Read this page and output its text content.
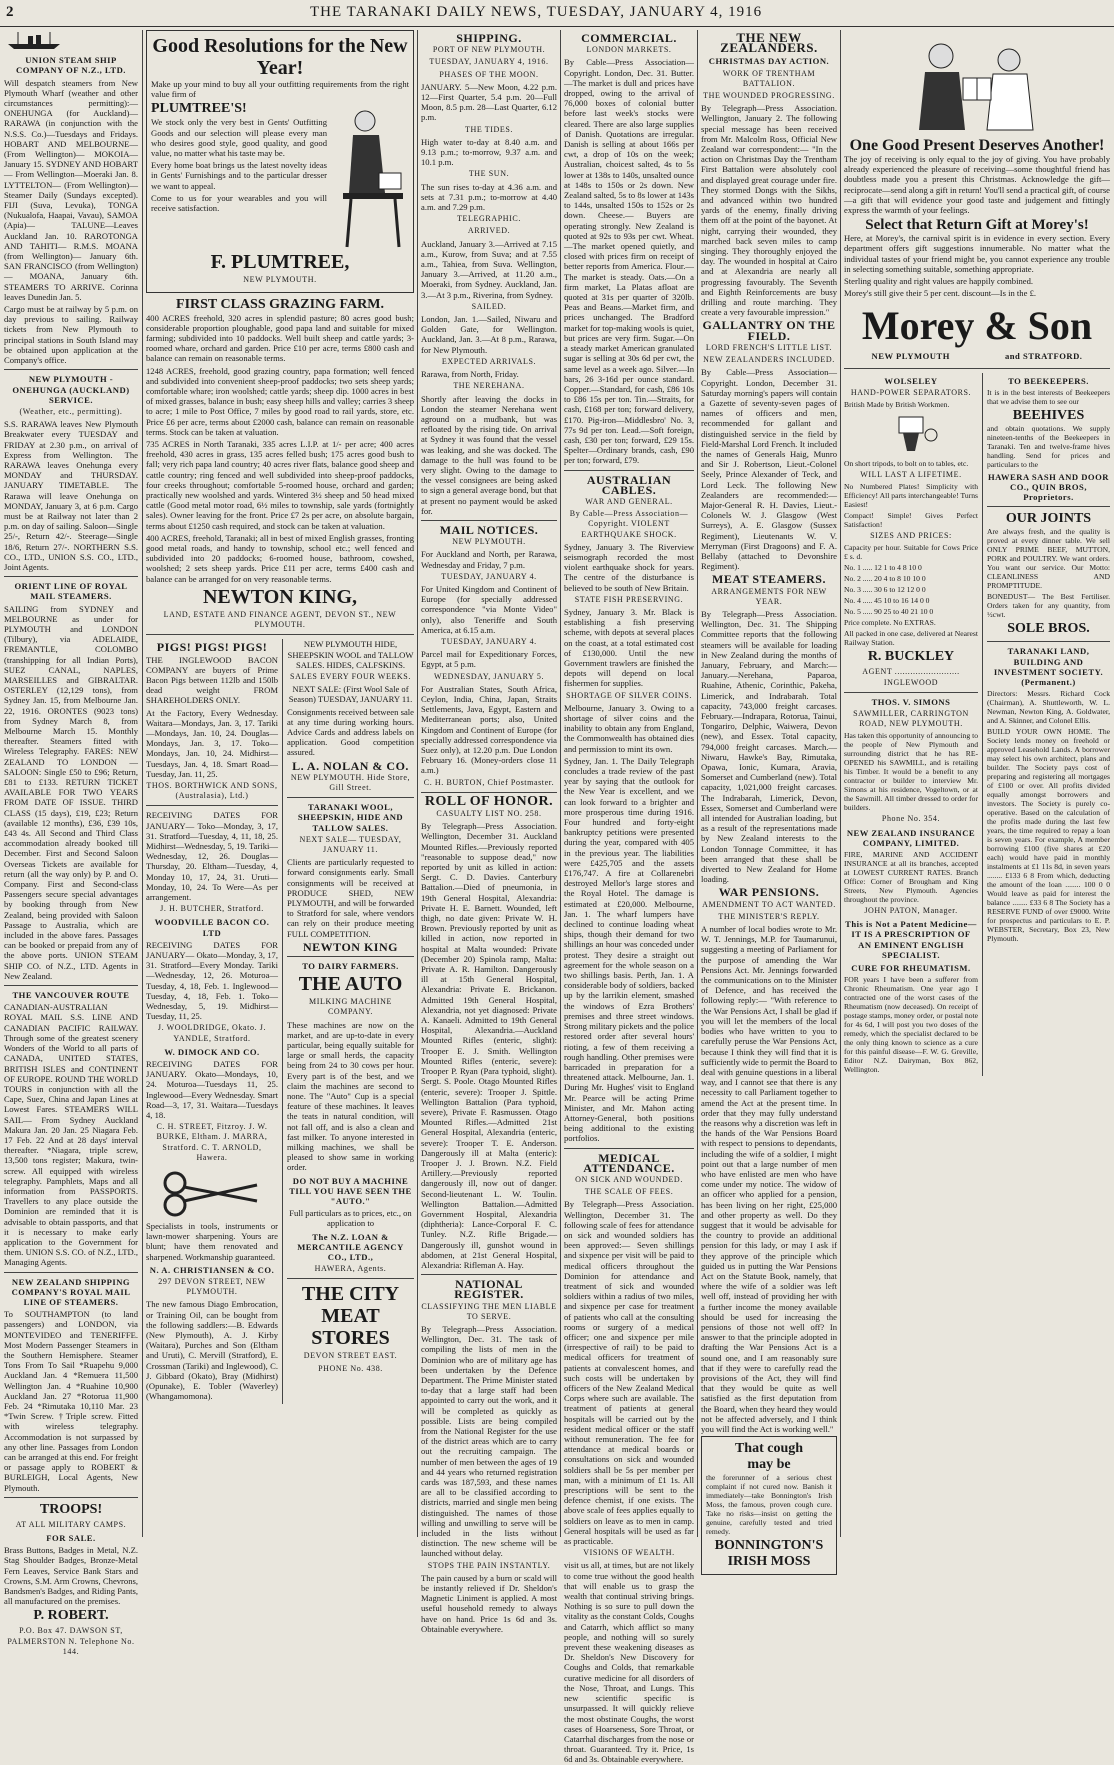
2	THE TARANAKI DAILY NEWS, TUESDAY, JANUARY 4, 1916
UNION STEAM SHIP COMPANY OF N.Z., LTD.

Will despatch steamers from New Plymouth Wharf (weather and other circumstances permitting):— ONEHUNGA (for Auckland)— RARAWA (in conjunction with the N.S.S. Co.)—Tuesdays and Fridays. HOBART AND MELBOURNE— (From Wellington)— MOKOIA—January 15. SYDNEY AND HOBART— From Wellington—Moeraki Jan. 8. LYTTELTON— (From Wellington)— Steamer Daily (Sundays excepted). FIJI (Suva, Levuka), TONGA (Nukualofa, Haapai, Vavau), SAMOA (Apia)— TALUNE—Leaves Auckland Jan. 10. RAROTONGA AND TAHITI— R.M.S. MOANA (from Wellington)— January 6th. SAN FRANCISCO (from Wellington)— MOANA, January 6th. STEAMERS TO ARRIVE. Corinna leaves Dunedin Jan. 5.

Cargo must be at railway by 5 p.m. on day previous to sailing. Railway tickets from New Plymouth to principal stations in South Island may be obtained upon application at the Company's office.

NEW PLYMOUTH - ONEHUNGA (AUCKLAND) SERVICE.
(Weather, etc., permitting).

S.S. RARAWA leaves New Plymouth Breakwater every TUESDAY and FRIDAY at 2.30 p.m., on arrival of Express from Wellington. The RARAWA leaves Onehunga every MONDAY and THURSDAY. JANUARY TIMETABLE. The Rarawa will leave Onehunga on MONDAY, January 3, at 6 p.m. Cargo must be at Railway not later than 2 p.m. on day of sailing. Saloon—Single 25/-, Return 42/-. Steerage—Single 18/6, Return 27/-. NORTHERN S.S. CO., LTD., UNION S.S. CO., LTD., Joint Agents.

ORIENT LINE OF ROYAL MAIL STEAMERS.

SAILING from SYDNEY and MELBOURNE as under for PLYMOUTH and LONDON (Tilbury), via ADELAIDE, FREMANTLE, COLOMBO (transhipping for all Indian Ports), SUEZ CANAL, NAPLES, MARSEILLES and GIBRALTAR. OSTERLEY (12,129 tons), from Sydney Jan. 15, from Melbourne Jan. 22, 1916. ORONTES (9023 tons) from Sydney March 8, from Melbourne March 15. Monthly thereafter. Steamers fitted with Wireless Telegraphy. FARES: NEW ZEALAND TO LONDON —SALOON: Single £50 to £96; Return, £81 to £133. RETURN TICKET AVAILABLE FOR TWO YEARS FROM DATE OF ISSUE. THIRD CLASS (15 days), £19, £23; Return (available 12 months), £36, £39 10s, £43 4s. All Second and Third Class accommodation already booked till December. First and Second Saloon Overseas Tickets are available for return (all the way only) by P. and O. Company. First and Second-class Passengers secure special advantages by booking through from New Zealand, being provided with Saloon Passage to Australia, which are included in the above fares. Passages can be booked or prepaid from any of the above ports. UNION STEAM SHIP CO. of N.Z., LTD. Agents in New Zealand.

THE VANCOUVER ROUTE

CANADIAN-AUSTRALIAN ROYAL MAIL S.S. LINE AND CANADIAN PACIFIC RAILWAY. Through some of the greatest scenery Wonders of the World to all parts of CANADA, UNITED STATES, BRITISH ISLES and CONTINENT OF EUROPE. ROUND THE WORLD TOURS in conjunction with all the Cape, Suez, China and Japan Lines at Lowest Fares. STEAMERS WILL SAIL— From Sydney Auckland Makura Jan. 20 Jan. 25 Niagara Feb. 17 Feb. 22 And at 28 days' interval thereafter. *Niagara, triple screw, 13,500 tons register; Makura, twin-screw. All equipped with wireless telegraphy. Pamphlets, Maps and all information from PASSPORTS. Travellers to any place outside the Dominion are reminded that it is advisable to obtain passports, and that it is necessary to make early application to the Government for them. UNION S.S. CO. of N.Z., LTD., Managing Agents.

NEW ZEALAND SHIPPING COMPANY'S ROYAL MAIL LINE OF STEAMERS.

To SOUTHAMPTON (to land passengers) and LONDON, via MONTEVIDEO and TENERIFFE. Most Modern Passenger Steamers in the Southern Hemisphere. Steamer Tons From To Sail *Ruapehu 9,000 Auckland Jan. 4 *Remuera 11,500 Wellington Jan. 4 *Ruahine 10,900 Auckland Jan. 27 *Rotorua 11,900 Feb. 24 *Rimutaka 10,110 Mar. 23 *Twin Screw. †Triple screw. Fitted with wireless telegraphy. Accommodation is not surpassed by any other line. Passages from London can be arranged at this end. For freight or passage apply to ROBERT & BURLEIGH, Local Agents, New Plymouth.

TROOPS!
AT ALL MILITARY CAMPS.
FOR SALE.

Brass Buttons, Badges in Metal, N.Z. Stag Shoulder Badges, Bronze-Metal Fern Leaves, Service Bank Stars and Crowns, S.M. Arm Crowns, Chevrons, Bandsmen's Badges, and Riding Pants, all manufactured on the premises.

P. ROBERT.
P.O. Box 47. DAWSON ST, PALMERSTON N. Telephone No. 144.
Good Resolutions for the New Year!

Make up your mind to buy all your outfitting requirements from the right value firm of

PLUMTREE'S!

We stock only the very best in Gents' Outfitting Goods and our selection will please every man who desires good style, good quality, and good value, no matter what his taste may be.

Every home boat brings us the latest novelty ideas in Gents' Furnishings and to the particular dresser we want to appeal.

Come to us for your wearables and you will receive satisfaction.

F. PLUMTREE,
NEW PLYMOUTH.
FIRST CLASS GRAZING FARM.

400 ACRES freehold, 320 acres in splendid pasture; 80 acres good bush; considerable proportion ploughable, good papa land and suitable for mixed farming; subdivided into 10 paddocks. Well built sheep and cattle yards; 3-roomed whare, orchard and garden. Price £10 per acre, terms £800 cash and balance can remain on reasonable terms.

1248 ACRES, freehold, good grazing country, papa formation; well fenced and subdivided into convenient sheep-proof paddocks; two sets sheep yards; comfortable whare; iron woolshed; cattle yards; sheep dip. 1000 acres in best of mixed grasses, balance in bush; easy sheep hills and valley; carries 3 sheep to acre; 1 mile to Post Office, 7 miles by good road to rail yards, store, etc. Price £6 per acre, terms about £2000 cash, balance can remain on reasonable terms. Stock can be taken at valuation.

735 ACRES in North Taranaki, 335 acres L.I.P. at 1/- per acre; 400 acres freehold, 430 acres in grass, 135 acres felled bush; 175 acres good bush to fall; very rich papa land country; 40 acres river flats, balance good sheep and cattle country; ring fenced and well subdivided into sheep-proof paddocks, four creeks throughout; comfortable 5-roomed house, orchard and garden; practically new woolshed and yards. Wintered 3½ sheep and 50 head mixed cattle (Good metal motor road, 6½ miles to township, sale yards (fortnightly sales). Owner leaving for the front. Price £7 2s per acre, on absolute bargain, terms about £1250 cash required, and stock can be taken at valuation.

400 ACRES, freehold, Taranaki; all in best of mixed English grasses, fronting good metal roads, and handy to township, school etc.; well fenced and subdivided into 20 paddocks; 6-roomed house, bathroom, cowshed, woolshed; 2 sets sheep yards. Price £11 per acre, terms £400 cash and balance can be arranged for on very reasonable terms.

NEWTON KING,
LAND, ESTATE AND FINANCE AGENT, DEVON ST., NEW PLYMOUTH.
PIGS! PIGS! PIGS!

THE INGLEWOOD BACON COMPANY are buyers of Prime Bacon Pigs between 112lb and 150lb dead weight FROM SHAREHOLDERS ONLY.

At the Factory, Every Wednesday. Waitara—Mondays, Jan. 3, 17. Tariki—Mondays, Jan. 10, 24. Douglas—Mondays, Jan. 3, 17. Toko—Mondays, Jan. 10, 24. Midhirst—Tuesdays, Jan. 4, 18. Smart Road—Tuesday, Jan. 11, 25.

THOS. BORTHWICK AND SONS, (Australasia), Ltd.)

RECEIVING DATES FOR JANUARY— Toko—Monday, 3, 17, 31. Stratford—Tuesday, 4, 11, 18, 25. Midhirst—Wednesday, 5, 19. Tariki—Wednesday, 12, 26. Douglas—Thursday, 20. Eltham—Tuesday, 4, Monday 10, 17, 24, 31. Uruti—Monday, 10, 24. To Were—As per arrangement.

J. H. BUTCHER, Stratford.
WOODVILLE BACON CO. LTD

RECEIVING DATES FOR JANUARY— Okato—Monday, 3, 17, 31. Stratford—Every Monday. Tariki—Wednesday, 12, 26. Moturoa—Tuesday, 4, 18, Feb. 1. Inglewood—Tuesday, 4, 18, Feb. 1. Toko—Wednesday, 5, 19. Midhirst—Tuesday, 11, 25.

J. WOOLDRIDGE, Okato. J. YANDLE, Stratford.
W. DIMOCK AND CO.

RECEIVING DATES FOR JANUARY. Okato—Mondays, 10, 24. Moturoa—Tuesdays 11, 25. Inglewood—Every Wednesday. Smart Road—3, 17, 31. Waitara—Tuesdays 4, 18.

C. H. STREET, Fitzroy. J. W. BURKE, Eltham. J. MARRA, Stratford. C. T. ARNOLD, Hawera.

Specialists in tools, instruments or lawn-mower sharpening. Yours are blunt; have them renovated and sharpened. Workmanship guaranteed.

N. A. CHRISTIANSEN & CO.
297 DEVON STREET, NEW PLYMOUTH.

The new famous Diago Embrocation, or Training Oil, can be bought from the following saddlers:—B. Edwards (New Plymouth), A. J. Kirby (Waitara), Purches and Son (Eltham and Uruti), C. Mervill (Stratford), E. Crossman (Tariki) and Inglewood), C. J. Gibbard (Okato), Bray (Midhirst) (Opunake), E. Tobler (Waverley) (Whangamomona).

NEW PLYMOUTH HIDE, SHEEPSKIN WOOL and TALLOW SALES. HIDES, CALFSKINS.

SALES EVERY FOUR WEEKS.

NEXT SALE: (First Wool Sale of Season) TUESDAY, JANUARY 11.

Consignments received between sale at any time during working hours. Advice Cards and address labels on application. Good competition assured.

L. A. NOLAN & CO.
NEW PLYMOUTH. Hide Store, Gill Street.
TARANAKI WOOL, SHEEPSKIN, HIDE AND TALLOW SALES.
NEXT SALE— TUESDAY, JANUARY 11.

Clients are particularly requested to forward consignments early. Small consignments will be received at PRODUCE SHED, NEW PLYMOUTH, and will be forwarded to Stratford for sale, where vendors can rely on their produce meeting FULL COMPETITION.

NEWTON KING
TO DAIRY FARMERS.
THE AUTO
MILKING MACHINE COMPANY.

These machines are now on the market, and are up-to-date in every particular, being equally suitable for large or small herds, the capacity being from 24 to 30 cows per hour. Every part is of the best, and we claim the machines are second to none. The "Auto" Cup is a special feature of these machines. It leaves the teats in natural condition, will not fall off, and is also a clean and fast milker. To anyone interested in milking machines, we shall be pleased to show same in working order.

DO NOT BUY A MACHINE TILL YOU HAVE SEEN THE "AUTO."

Full particulars as to prices, etc., on application to

The N.Z. LOAN & MERCANTILE AGENCY CO., LTD.,
HAWERA, Agents.
THE CITY
MEAT STORES
DEVON STREET EAST.
PHONE No. 438.
SHIPPING.
PORT OF NEW PLYMOUTH.
TUESDAY, JANUARY 4, 1916.
PHASES OF THE MOON.

JANUARY. 5—New Moon, 4.22 p.m. 12—First Quarter, 5.4 p.m. 20—Full Moon, 8.5 p.m. 28—Last Quarter, 6.12 p.m.

THE TIDES.

High water to-day at 8.40 a.m. and 9.13 p.m.; to-morrow, 9.37 a.m. and 10.1 p.m.

THE SUN.

The sun rises to-day at 4.36 a.m. and sets at 7.31 p.m.; to-morrow at 4.40 a.m. and 7.29 p.m.

TELEGRAPHIC.
ARRIVED.

Auckland, January 3.—Arrived at 7.15 a.m., Kurow, from Suva; and at 7.55 a.m., Tahiea, from Suva. Wellington, January 3.—Arrived, at 11.20 a.m., Moeraki, from Sydney. Auckland, Jan. 3.—At 3 p.m., Riverina, from Sydney.

SAILED.

London, Jan. 1.—Sailed, Niwaru and Golden Gate, for Wellington. Auckland, Jan. 3.—At 8 p.m., Rarawa, for New Plymouth.

EXPECTED ARRIVALS.

Rarawa, from North, Friday.

THE NEREHANA.

Shortly after leaving the docks in London the steamer Nerehana went aground on a mudbank, but was refloated by the rising tide. On arrival at Sydney it was found that the vessel was leaking, and she was docked. The damage to the hull was found to be very slight. Owing to the damage to the vessel consignees are being asked to sign a general average bond, but that at present no payment would be asked for.

MAIL NOTICES.
NEW PLYMOUTH.

For Auckland and North, per Rarawa, Wednesday and Friday, 7 p.m.

TUESDAY, JANUARY 4.

For United Kingdom and Continent of Europe (for specially addressed correspondence "via Monte Video" only), also Teneriffe and South America, at 6.15 a.m.

TUESDAY, JANUARY 4.

Parcel mail for Expeditionary Forces, Egypt, at 5 p.m.

WEDNESDAY, JANUARY 5.

For Australian States, South Africa, Ceylon, India, China, Japan, Straits Settlements, Java, Egypt, Eastern and Mediterranean ports; also, United Kingdom and Continent of Europe (for specially addressed correspondence via Suez only), at 12.20 p.m. Due London February 16. (Money-orders close 11 a.m.)

C. H. BURTON, Chief Postmaster.
ROLL OF HONOR.
CASUALTY LIST NO. 258.

By Telegraph—Press Association. Wellington, December 31. Auckland Mounted Rifles.—Previously reported "reasonable to suppose dead," now reported by unit as killed in action: Sergt. C. D. Davies. Canterbury Battalion.—Died of pneumonia, in 19th General Hospital, Alexandria: Private H. E. Barnett. Wounded, left thigh, no date given: Private W. H. Brown. Previously reported by unit as killed in action, now reported in hospital at Malta wounded: Private (December 20) Spinola ramp, Malta: Private A. R. Hamilton. Dangerously ill at 15th General Hospital, Alexandria: Private E. Brickanon. Admitted 19th General Hospital, Alexandria, not yet diagnosed: Private A. Kanaeli. Admitted to 19th General Hospital, Alexandria.—Auckland Mounted Rifles (enteric, slight): Trooper E. J. Smith. Wellington Mounted Rifles (enteric, severe): Trooper P. Ryan (Para typhoid, slight). Sergt. S. Poole. Otago Mounted Rifles (enteric, severe): Trooper J. Spittle. Wellington Battalion (Para typhoid, severe), Private F. Rasmussen. Otago Mounted Rifles.—Admitted 21st General Hospital, Alexandria (enteric, severe): Trooper T. E. Anderson. Dangerously ill at Malta (enteric): Trooper J. J. Brown. N.Z. Field Artillery.—Previously reported dangerously ill, now out of danger. Second-lieutenant L. W. Toulin. Wellington Battalion.—Admitted Government Hospital, Alexandria (diphtheria): Lance-Corporal F. C. Tunley. N.Z. Rifle Brigade.—Dangerously ill, gunshot wound in abdomen, at 21st General Hospital, Alexandria: Rifleman A. Hay.

NATIONAL REGISTER.
CLASSIFYING THE MEN LIABLE TO SERVE.

By Telegraph—Press Association. Wellington, Dec. 31. The task of compiling the lists of men in the Dominion who are of military age has been undertaken by the Defence Department. The Prime Minister stated to-day that a large staff had been appointed to carry out the work, and it will be completed as quickly as possible. Lists are being compiled from the National Register for the use of the district areas which are to carry out the recruiting campaign. The number of men between the ages of 19 and 44 years who returned registration cards was 187,593, and these names are all to be classified according to districts, married and single men being distinguished. The names of those willing and unwilling to serve will be included in the lists without distinction. The new scheme will be launched without delay.

STOPS THE PAIN INSTANTLY.

The pain caused by a burn or scald will be instantly relieved if Dr. Sheldon's Magnetic Liniment is applied. A most useful household remedy to always have on hand. Price 1s 6d and 3s. Obtainable everywhere.

COMMERCIAL.
LONDON MARKETS.

By Cable—Press Association—Copyright. London, Dec. 31. Butter.—The market is dull and prices have dropped, owing to the arrival of 76,000 boxes of colonial butter before last week's stocks were cleared. There are also large supplies of Danish. Quotations are irregular. Danish is selling at about 166s per cwt, a drop of 10s on the week; Australian, choicest salted, 4s to 5s lower at 138s to 140s, unsalted ounce at 148s to 150s or 2s down. New Zealand salted, 5s to 8s lower at 143s to 144s, unsalted 150s to 152s or 2s down. Cheese.— Buyers are operating strongly. New Zealand is quoted at 92s to 93s per cwt. Wheat.—The market opened quietly, and closed with prices firm on receipt of better reports from America. Flour.—The market is steady. Oats.—On a firm market, La Platas afloat are quoted at 31s per quarter of 320lb. Peas and Beans.—Market firm, and prices unchanged. The Bradford market for top-making wools is quiet, but prices are very firm. Sugar.—On a steady market American granulated sugar is selling at 30s 6d per cwt, the same level as a week ago. Silver.—In bars, 26 3-16d per ounce standard. Copper.—Standard, for cash, £86 10s to £86 15s per ton. Tin.—Straits, for cash, £168 per ton; forward delivery, £170. Pig-iron—Middlesbro' No. 3, 77s 9d per ton. Lead.—Soft foreign, cash, £30 per ton; forward, £29 15s. Spelter—Ordinary brands, cash, £90 per ton; forward, £79.

AUSTRALIAN CABLES.
WAR AND GENERAL.
By Cable—Press Association—Copyright. VIOLENT EARTHQUAKE SHOCK.

Sydney, January 3. The Riverview seismograph recorded the most violent earthquake shock for years. The centre of the disturbance is believed to be south of New Britain.

STATE FISH PRESERVING.

Sydney, January 3. Mr. Black is establishing a fish preserving scheme, with depots at several places on the coast, at a total estimated cost of £130,000. Until the new Government trawlers are finished the depots will depend on local fishermen for supplies.

SHORTAGE OF SILVER COINS.

Melbourne, January 3. Owing to a shortage of silver coins and the inability to obtain any from England, the Commonwealth has obtained dies and permission to mint its own.

Sydney, Jan. 1. The Daily Telegraph concludes a trade review of the past year by saying that the outlook for the New Year is excellent, and we can look forward to a brighter and more prosperous time during 1916. Four hundred and forty-eight bankruptcy petitions were presented during the year, compared with 405 in the previous year. The liabilities were £425,705 and the assets £176,747. A fire at Collarenebri destroyed Mellor's large stores and the Royal Hotel. The damage is estimated at £20,000. Melbourne, Jan. 1. The wharf lumpers have declined to continue loading wheat ships, though their demand for two shillings an hour was conceded under protest. They desire a straight out agreement for the whole season on a two shillings basis. Perth, Jan. 1. A considerable body of soldiers, backed up by the larrikin element, smashed the windows of Ezra Brothers' premises and three street windows. Strong military pickets and the police restored order after several hours' rioting, a few of them receiving a rough handling. Other premises were barricaded in preparation for a threatened attack. Melbourne, Jan. 1. During Mr. Hughes' visit to England Mr. Pearce will be acting Prime Minister, and Mr. Mahon acting Attorney-General, both positions being additional to the existing portfolios.

MEDICAL ATTENDANCE.
ON SICK AND WOUNDED.
THE SCALE OF FEES.

By Telegraph—Press Association. Wellington, December 31. The following scale of fees for attendance on sick and wounded soldiers has been approved:— Seven shillings and sixpence per visit will be paid to medical officers throughout the Dominion for attendance and treatment of sick and wounded soldiers within a radius of two miles, and sixpence per case for treatment of patients who call at the consulting rooms or surgery of a medical officer; one and sixpence per mile (irrespective of rail) to be paid to medical officers for treatment of patients at convalescent homes, and such costs will be undertaken by officers of the New Zealand Medical Corps where such are available. The treatment of patients at general hospitals will be carried out by the resident medical officer or the staff without remuneration. The fee for attendance at medical boards or consultations on sick and wounded soldiers shall be 5s per member per man, with a minimum of £1 1s. All prescriptions will be sent to the defence chemist, if one exists. The above scale of fees applies equally to soldiers on leave as to men in camp. General hospitals will be used as far as practicable.

VISIONS OF WEALTH.

visit us all, at times, but are not likely to come true without the good health that will enable us to grasp the wealth that continual striving brings. Nothing is so sure to pull down the vitality as the constant Colds, Coughs and Catarrh, which afflict so many people, and nothing will so surely prevent these weakening diseases as Dr. Sheldon's New Discovery for Coughs and Colds, that remarkable curative medicine for all disorders of the Nose, Throat, and Lungs. This new scientific specific is unsurpassed. It will quickly relieve the most obstinate Coughs, the worst cases of Hoarseness, Sore Throat, or Catarrhal discharges from the nose or throat. Guaranteed. Try it. Price, 1s 6d and 3s. Obtainable everywhere.

THE NEW ZEALANDERS.
CHRISTMAS DAY ACTION.
WORK OF TRENTHAM BATTALION.
THE WOUNDED PROGRESSING.

By Telegraph—Press Association. Wellington, January 2. The following special message has been received from Mr. Malcolm Ross, Official New Zealand war correspondent:— "In the action on Christmas Day the Trentham First Battalion were absolutely cool and displayed great courage under fire. They stormed Dongs with the Sikhs, and advanced within two hundred yards of the enemy, finally driving them off at the point of the bayonet. At night, carrying their wounded, they marched back seven miles to camp singing. They thoroughly enjoyed the day. The wounded in hospital at Cairo and at Alexandria are nearly all progressing favourably. The Seventh and Eighth Reinforcements are busy drilling and route marching. They create a very favourable impression."

GALLANTRY ON THE FIELD.
LORD FRENCH'S LITTLE LIST.
NEW ZEALANDERS INCLUDED.

By Cable—Press Association—Copyright. London, December 31. Saturday morning's papers will contain a Gazette of seventy-seven pages of names of officers and men, recommended for gallant and distinguished service in the field by Field-Marshal Lord French. It included the names of Generals Haig, Munro and Sir J. Robertson, Lieut.-Colonel Seely, Prince Alexander of Teck, and Lord Leck. The following New Zealanders are recommended:— Major-General R. H. Davies, Lieut.-Colonels W. J. Glasgow (West Surreys), A. E. Glasgow (Sussex Regiment), Lieutenants W. V. Merryman (First Dragoons) and F. A. Bellaby (attached to Devonshire Regiment).

MEAT STEAMERS.
ARRANGEMENTS FOR NEW YEAR.

By Telegraph—Press Association. Wellington, Dec. 31. The Shipping Committee reports that the following steamers will be available for loading in New Zealand during the months of January, February, and March:— January.—Nerehana, Paparoa, Ruahine, Athenic, Corinthic, Pakeha, Limerick, and Indrabarah. Total capacity, 743,000 freight carcases. February.—Indrapara, Rotorua, Tainui, Tongariro, Delphic, Waiwera, Devon (new), and Essex. Total capacity, 794,000 freight carcases. March.—Niwaru, Hawke's Bay, Rimutaka, Opawa, Ionic, Kumara, Aravia, Somerset and Cumberland (new). Total capacity, 1,021,000 freight carcases. The Indrabarah, Limerick, Devon, Essex, Somerset and Cumberland were all intended for Australian loading, but as a result of the representations made by New Zealand interests to the London Tonnage Committee, it has been arranged that these shall be diverted to New Zealand for Home loading.

WAR PENSIONS.
AMENDMENT TO ACT WANTED.
THE MINISTER'S REPLY.

A number of local bodies wrote to Mr. W. T. Jennings, M.P. for Taumarunui, suggesting a meeting of Parliament for the purpose of amending the War Pensions Act. Mr. Jennings forwarded the communications on to the Minister of Defence, and has received the following reply:— "With reference to the War Pensions Act, I shall be glad if you will let the members of the local bodies who have written to you to carefully peruse the War Pensions Act, because I think they will find that it is sufficiently wide to permit the Board to deal with genuine questions in a liberal way, and I cannot see that there is any necessity to call Parliament together to amend the Act at the present time. In order that they may fully understand the reasons why a discretion was left in the hands of the War Pensions Board with respect to pensions to dependants, including the wife of a soldier, I might point out that a large number of men who have enlisted are men who have come under my notice. The widow of an officer who applied for a pension, has been living on her right, £25,000 and other property as well. Do they suggest that it would be advisable for the country to provide an additional pension for this lady, or may I ask if they approve of the principle which guided us in putting the War Pensions Act on the Statute Book, namely, that where the wife of a soldier was left well off, instead of providing her with a further income the money available should be used for increasing the pensions of those not well off? In answer to that the principle adopted in drafting the War Pensions Act is a sound one, and I am reasonably sure that if they were to carefully read the provisions of the Act, they will find that they would be quite as well satisfied as the first deputation from the Board, when they heard they would not be affected adversely, and I think you will find the Act is working well."

That cough
may be

the forerunner of a serious chest complaint if not cured now. Banish it immediately—take Bonnington's Irish Moss, the famous, proven cough cure. Take no risks—insist on getting the genuine, carefully tested and tried remedy.

BONNINGTON'S
IRISH MOSS
One Good Present Deserves Another!

The joy of receiving is only equal to the joy of giving. You have probably already experienced the pleasure of receiving—some thoughtful friend has doubtless made you a present this Christmas. Acknowledge the gift—reciprocate—send along a gift in return! You'll send a practical gift, of course—a gift that will evidence your good taste and judgement and fittingly express the warmth of your feelings.

Select that Return Gift at Morey's!

Here, at Morey's, the carnival spirit is in evidence in every section. Every department offers gift suggestions innumerable. No matter what the individual tastes of your friend might be, you cannot experience any trouble in selecting something suitable, something appropriate.

Sterling quality and right values are happily combined.

Morey's still give their 5 per cent. discount—Is in the £.

Morey & Son
NEW PLYMOUTH	and STRATFORD.
WOLSELEY
HAND-POWER SEPARATORS.

British Made by British Workmen.

On short tripods, to bolt on to tables, etc.

WILL LAST A LIFETIME.

No Numbered Plates! Simplicity with Efficiency! All parts interchangeable! Turns Easiest!

Compact! Simple! Gives Perfect Satisfaction!

SIZES AND PRICES:

Capacity per hour. Suitable for Cows Price £ s. d.

No. 1 ..... 12 1 to 4 8 10 0

No. 2 ..... 20 4 to 8 10 10 0

No. 3 ..... 30 6 to 12 12 0 0

No. 4 ..... 45 10 to 16 14 0 0

No. 5 ..... 90 25 to 40 21 10 0

Price complete. No EXTRAS.

All packed in one case, delivered at Nearest Railway Station.

R. BUCKLEY
AGENT ......................... INGLEWOOD
THOS. V. SIMONS
SAWMILLER, CARRINGTON ROAD, NEW PLYMOUTH.

Has taken this opportunity of announcing to the people of New Plymouth and surrounding district that he has RE-OPENED his SAWMILL, and is retailing his Timber. It would be a benefit to any contractor or builder to interview Mr. Simons at his residence, Vogeltown, or at the Sawmill. All timber dressed to order for builders.

Phone No. 354.
NEW ZEALAND INSURANCE COMPANY, LIMITED.

FIRE, MARINE AND ACCIDENT INSURANCE at all its branches, accepted at LOWEST CURRENT RATES. Branch Office: Corner of Brougham and King Streets, New Plymouth. Agencies throughout the province.

JOHN PATON, Manager.
This is Not a Patent Medicine— IT IS A PRESCRIPTION OF AN EMINENT ENGLISH SPECIALIST.
CURE FOR RHEUMATISM.

FOR years I have been a sufferer from Chronic Rheumatism. One year ago I contracted one of the worst cases of the Rheumatism (now deceased). On receipt of postage stamps, money order, or postal note for 4s 6d, I will post you two doses of the remedy, which the specialist declared to be the only thing known to science as a cure for this painful disease—F. W. G. Greville, Editor N.Z. Dairyman, Box 862, Wellington.

TO BEEKEEPERS.

It is in the best interests of Beekeepers that we advise them to see our

BEEHIVES

and obtain quotations. We supply nineteen-tenths of the Beekeepers in Taranaki. Ten and twelve-frame hives handling. Send for prices and particulars to the

HAWERA SASH AND DOOR CO., QUIN BROS, Proprietors.
OUR JOINTS

Are always fresh, and the quality is proved at every dinner table. We sell ONLY PRIME BEEF, MUTTON, PORK and POULTRY. We want orders. You want our service. Our Motto: CLEANLINESS AND PROMPTITUDE.

BONEDUST— The Best Fertiliser. Orders taken for any quantity, from ½cwt.

SOLE BROS.
TARANAKI LAND, BUILDING AND INVESTMENT SOCIETY. (Permanent.)

Directors: Messrs. Richard Cock (Chairman), A. Shuttleworth, W. L. Newman, Newton King, A. Goldwater, and A. Skinner, and Colonel Ellis.

BUILD YOUR OWN HOME. The Society lends money on freehold or approved Leasehold Lands. A borrower may select his own architect, plans and builder. The Society pays cost of preparing and registering all mortgages of £100 or over. All profits divided equally amongst borrowers and investors. The Society is purely co-operative. Based on the calculation of the profits made during the last few years, the time required to repay a loan is seven years. For example, A member borrowing £100 (five shares at £20 each) would have paid in monthly instalments at £1 11s 8d, in seven years ........ £133 6 8 From which, deducting the amount of the loan ........ 100 0 0 Would leave as paid for interest the balance ........ £33 6 8 The Society has a RESERVE FUND of over £9000. Write for prospectus and particulars to E. P. WEBSTER, Secretary, Box 23, New Plymouth.
